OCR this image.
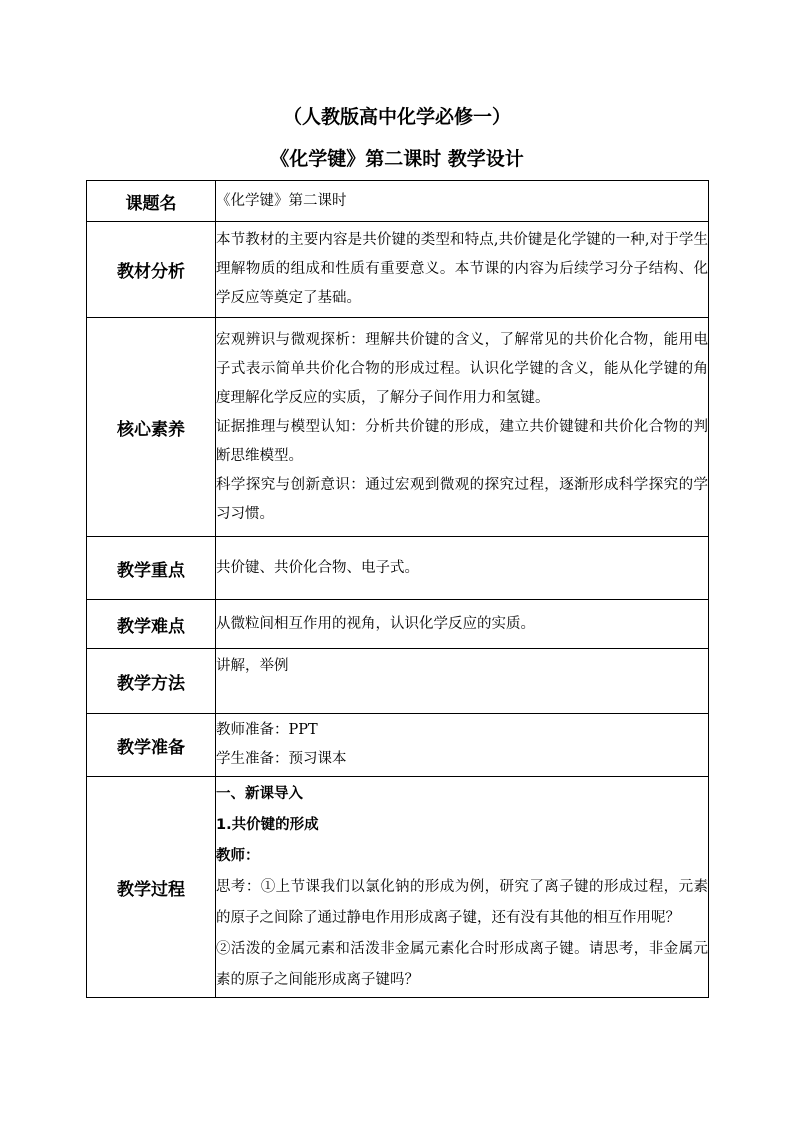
（人教版高中化学必修一）
《化学键》第二课时 教学设计
课题名	《化学键》第二课时
教材分析	本节教材的主要内容是共价键的类型和特点,共价键是化学键的一种,对于学生理解物质的组成和性质有重要意义。本节课的内容为后续学习分子结构、化学反应等奠定了基础。
核心素养	宏观辨识与微观探析：理解共价键的含义，了解常见的共价化合物，能用电子式表示简单共价化合物的形成过程。认识化学键的含义，能从化学键的角度理解化学反应的实质，了解分子间作用力和氢键。

证据推理与模型认知：分析共价键的形成，建立共价键键和共价化合物的判断思维模型。

科学探究与创新意识：通过宏观到微观的探究过程，逐渐形成科学探究的学习习惯。

教学重点	共价键、共价化合物、电子式。
教学难点	从微粒间相互作用的视角，认识化学反应的实质。
教学方法	讲解，举例
教学准备	教师准备：PPT

学生准备：预习课本

教学过程	一、新课导入

1.共价键的形成

教师：

思考：①上节课我们以氯化钠的形成为例，研究了离子键的形成过程，元素的原子之间除了通过静电作用形成离子键，还有没有其他的相互作用呢？

②活泼的金属元素和活泼非金属元素化合时形成离子键。请思考，非金属元素的原子之间能形成离子键吗？
